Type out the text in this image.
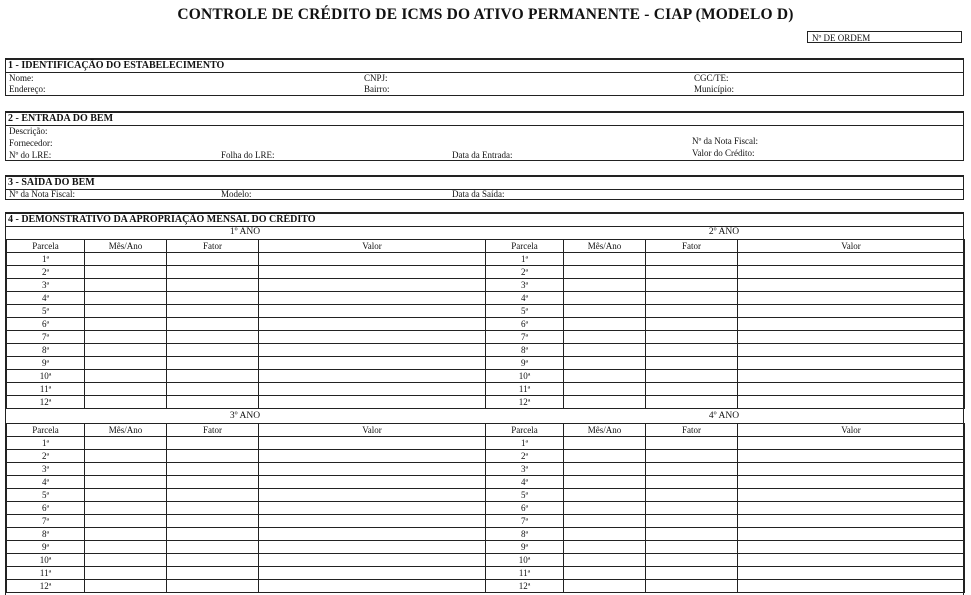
CONTROLE DE CRÉDITO DE ICMS DO ATIVO PERMANENTE - CIAP (MODELO D)
Nº DE ORDEM
1 - IDENTIFICAÇÃO DO ESTABELECIMENTO
Nome:	CNPJ:	CGC/TE:
Endereço:	Bairro:	Município:
2 - ENTRADA DO BEM
Descrição:
Fornecedor:	Nº da Nota Fiscal:
Nº do LRE:	Folha do LRE:	Data da Entrada:	Valor do Crédito:
3 - SAÍDA DO BEM
Nº da Nota Fiscal:	Modelo:	Data da Saída:
4 - DEMONSTRATIVO DA APROPRIAÇÃO MENSAL DO CRÉDITO
1º ANO
Parcela	Mês/Ano	Fator	Valor
1ª			
2ª			
3ª			
4ª			
5ª			
6ª			
7ª			
8ª			
9ª			
10ª			
11ª			
12ª			
2º ANO
Parcela	Mês/Ano	Fator	Valor
1ª			
2ª			
3ª			
4ª			
5ª			
6ª			
7ª			
8ª			
9ª			
10ª			
11ª			
12ª			
3º ANO
Parcela	Mês/Ano	Fator	Valor
1ª			
2ª			
3ª			
4ª			
5ª			
6ª			
7ª			
8ª			
9ª			
10ª			
11ª			
12ª			
4º ANO
Parcela	Mês/Ano	Fator	Valor
1ª			
2ª			
3ª			
4ª			
5ª			
6ª			
7ª			
8ª			
9ª			
10ª			
11ª			
12ª			
